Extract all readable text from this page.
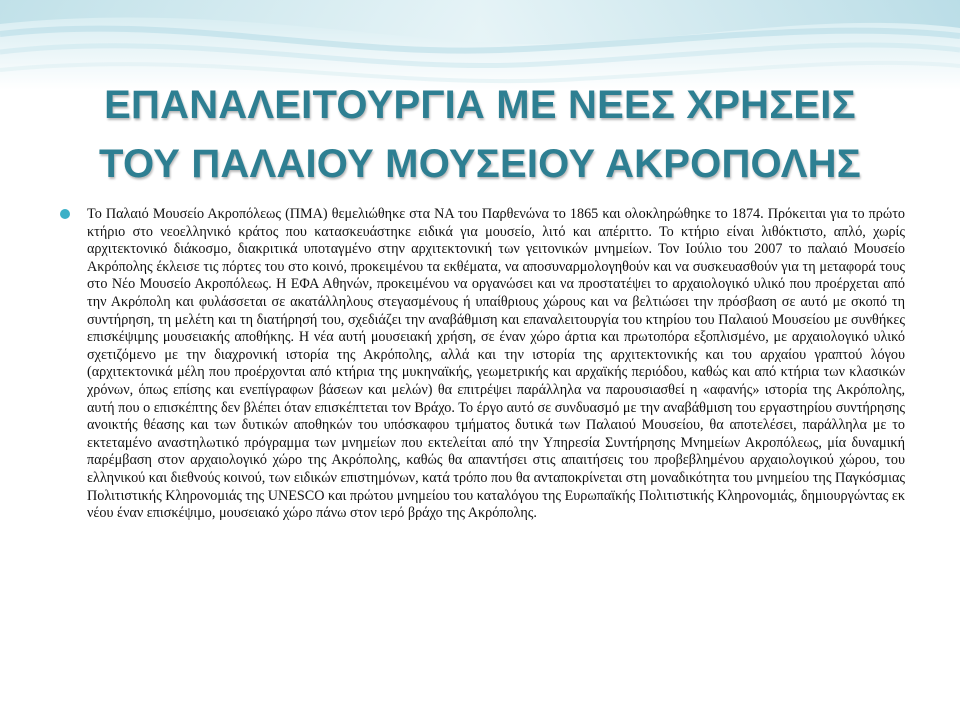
ΕΠΑΝΑΛΕΙΤΟΥΡΓΙΑ ΜΕ ΝΕΕΣ ΧΡΗΣΕΙΣ
ΤΟΥ ΠΑΛΑΙΟΥ ΜΟΥΣΕΙΟΥ ΑΚΡΟΠΟΛΗΣ

Το Παλαιό Μουσείο Ακροπόλεως (ΠΜΑ) θεμελιώθηκε στα ΝΑ του Παρθενώνα το 1865 και ολοκληρώθηκε το 1874. Πρόκειται για το πρώτο κτήριο στο νεοελληνικό κράτος που κατασκευάστηκε ειδικά για μουσείο, λιτό και απέριττο. Το κτήριο είναι λιθόκτιστο, απλό, χωρίς αρχιτεκτονικό διάκοσμο, διακριτικά υποταγμένο στην αρχιτεκτονική των γειτονικών μνημείων. Τον Ιούλιο του 2007 το παλαιό Μουσείο Ακρόπολης έκλεισε τις πόρτες του στο κοινό, προκειμένου τα εκθέματα, να αποσυναρμολογηθούν και να συσκευασθούν για τη μεταφορά τους στο Νέο Μουσείο Ακροπόλεως. Η ΕΦΑ Αθηνών, προκειμένου να οργανώσει και να προστατέψει το αρχαιολογικό υλικό που προέρχεται από την Ακρόπολη και φυλάσσεται σε ακατάλληλους στεγασμένους ή υπαίθριους χώρους και να βελτιώσει την πρόσβαση σε αυτό με σκοπό τη συντήρηση, τη μελέτη και τη διατήρησή του, σχεδιάζει την αναβάθμιση και επαναλειτουργία του κτηρίου του Παλαιού Μουσείου με συνθήκες επισκέψιμης μουσειακής αποθήκης. Η νέα αυτή μουσειακή χρήση, σε έναν χώρο άρτια και πρωτοπόρα εξοπλισμένο, με αρχαιολογικό υλικό σχετιζόμενο με την διαχρονική ιστορία της Ακρόπολης, αλλά και την ιστορία της αρχιτεκτονικής και του αρχαίου γραπτού λόγου (αρχιτεκτονικά μέλη που προέρχονται από κτήρια της μυκηναϊκής, γεωμετρικής και αρχαϊκής περιόδου, καθώς και από κτήρια των κλασικών χρόνων, όπως επίσης και ενεπίγραφων βάσεων και μελών) θα επιτρέψει παράλληλα να παρουσιασθεί η «αφανής» ιστορία της Ακρόπολης, αυτή που ο επισκέπτης δεν βλέπει όταν επισκέπτεται τον Βράχο. Το έργο αυτό σε συνδυασμό με την αναβάθμιση του εργαστηρίου συντήρησης ανοικτής θέασης και των δυτικών αποθηκών του υπόσκαφου τμήματος δυτικά των Παλαιού Μουσείου, θα αποτελέσει, παράλληλα με το εκτεταμένο αναστηλωτικό πρόγραμμα των μνημείων που εκτελείται από την Υπηρεσία Συντήρησης Μνημείων Ακροπόλεως, μία δυναμική παρέμβαση στον αρχαιολογικό χώρο της Ακρόπολης, καθώς θα απαντήσει στις απαιτήσεις του προβεβλημένου αρχαιολογικού χώρου, του ελληνικού και διεθνούς κοινού, των ειδικών επιστημόνων, κατά τρόπο που θα ανταποκρίνεται στη μοναδικότητα του μνημείου της Παγκόσμιας Πολιτιστικής Κληρονομιάς της UNESCO και πρώτου μνημείου του καταλόγου της Ευρωπαϊκής Πολιτιστικής Κληρονομιάς, δημιουργώντας εκ νέου έναν επισκέψιμο, μουσειακό χώρο πάνω στον ιερό βράχο της Ακρόπολης.
